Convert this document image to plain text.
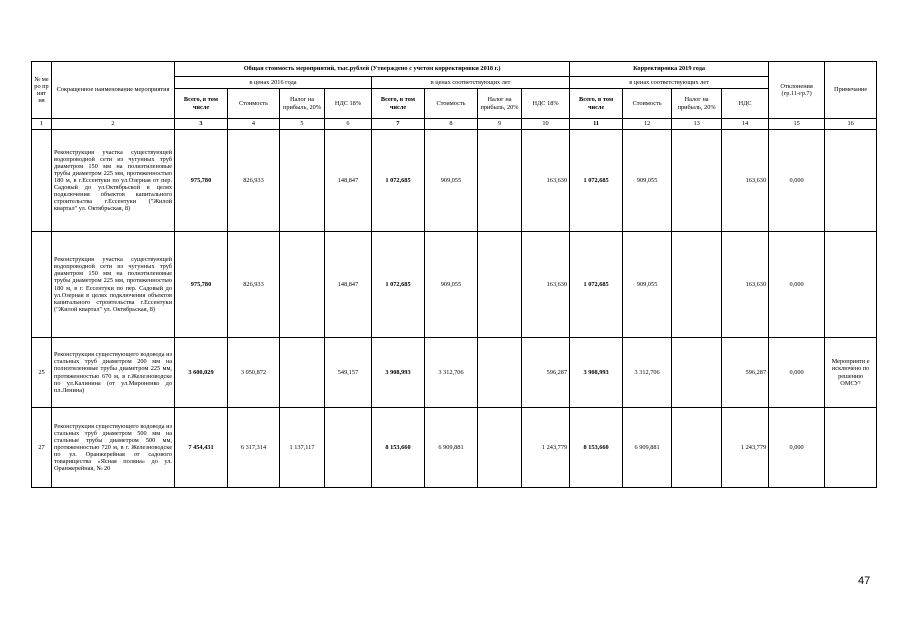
№ ме ро пр ият ия	Сокращенное наименование мероприятия	Общая стоимость мероприятий, тыс.рублей (Утверждено с учетом корректировки 2018 г.)								Корректировка 2019 года				Отклонения (гр.11-гр.7)	Примечание
		в ценах 2016 года				в ценах соответствующих лет				в ценах соответствующих лет					
		Всего, в том числе	Стоимость	Налог на прибыль, 20%	НДС 18%	Всего, в том числе	Стоимость	Налог на прибыль, 20%	НДС 18%	Всего, в том числе	Стоимость	Налог на прибыль, 20%	НДС		
1	2	3	4	5	6	7	8	9	10	11	12	13	14	15	16
	Реконструкция участка существующей водопроводной сети из чугунных труб диаметром 150 мм на полиэтиленовые трубы диаметром 225 мм, протяженностью 180 м, в г.Ессентуки по ул.Озерная от пер. Садовый до ул.Октябрьской в целях подключения объектов капитального строительства г.Ессентуки ("Жилой квартал" ул. Октябрьская, 8)	975,780	826,933		148,847	1 072,685	909,055		163,630	1 072,685	909,055		163,630	0,000	
	Реконструкция участка существующей водопроводной сети из чугунных труб диаметром 150 мм на полиэтиленовые трубы диаметром 225 мм, протяженностью 180 м, в г. Ессентуки по пер. Садовый до ул.Озерная в целях подключения объектов капитального строительства г.Ессентуки ("Жилой квартал" ул. Октябрьская, 8)	975,780	826,933		148,847	1 072,685	909,055		163,630	1 072,685	909,055		163,630	0,000	
25	Реконструкция существующего водовода из стальных труб диаметром 200 мм на полиэтиленовые трубы диаметром 225 мм, протяженностью 670 м, в г.Железноводске по ул.Калинина (от ул.Мироненко до пл.Ленина)	3 600,029	3 050,872		549,157	3 908,993	3 312,706		596,287	3 908,993	3 312,706		596,287	0,000	Мероприяти е исключено по решению ОМСУ¹
27	Реконструкция существующего водовода из стальных труб диаметром 500 мм на стальные трубы диаметром 500 мм, протяженностью 720 м, в г. Железноводске по ул. Оранжерейная от садового товарищества «Ясная поляна» до ул. Оранжерейная, № 20	7 454,431	6 317,314	1 137,117		8 153,660	6 909,881		1 243,779	8 153,660	6 909,881		1 243,779	0,000	
47
